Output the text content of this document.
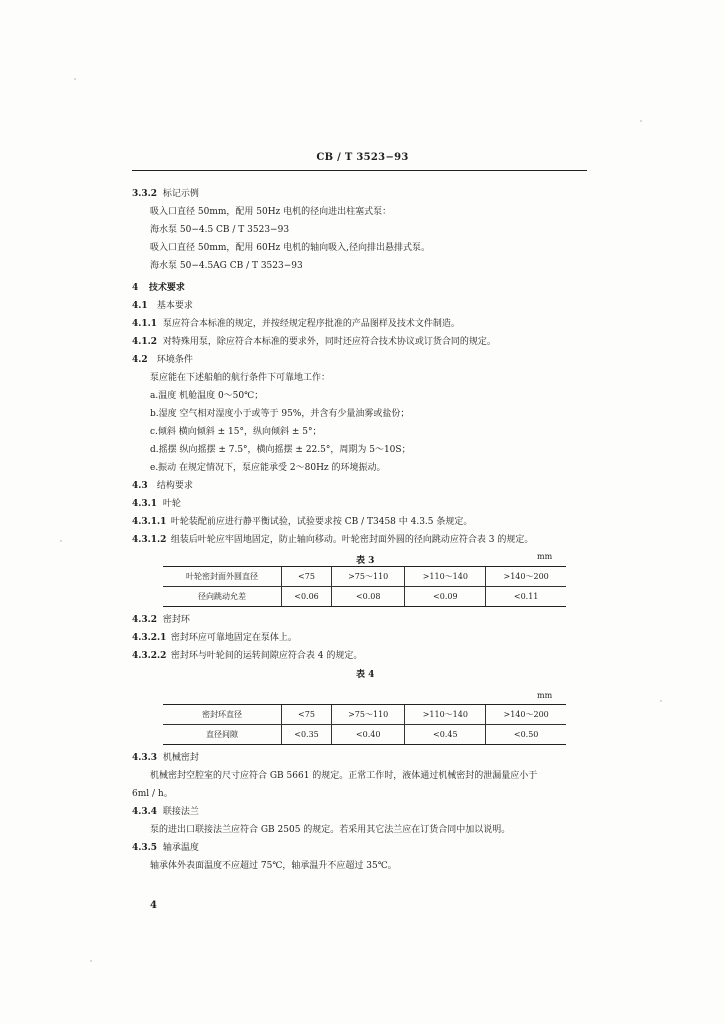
CB / T 3523−93
3.3.2 标记示例
吸入口直径 50mm，配用 50Hz 电机的径向进出柱塞式泵：
海水泵 50−4.5 CB / T 3523−93
吸入口直径 50mm，配用 60Hz 电机的轴向吸入,径向排出悬排式泵。
海水泵 50−4.5AG CB / T 3523−93
4 技术要求
4.1 基本要求
4.1.1 泵应符合本标准的规定，并按经规定程序批准的产品图样及技术文件制造。
4.1.2 对特殊用泵，除应符合本标准的要求外，同时还应符合技术协议或订货合同的规定。
4.2 环境条件
泵应能在下述船舶的航行条件下可靠地工作：
a.温度 机舱温度 0～50℃；
b.湿度 空气相对湿度小于或等于 95%，并含有少量油雾或盐份；
c.倾斜 横向倾斜 ± 15°，纵向倾斜 ± 5°；
d.摇摆 纵向摇摆 ± 7.5°，横向摇摆 ± 22.5°，周期为 5～10S；
e.振动 在规定情况下，泵应能承受 2～80Hz 的环境振动。
4.3 结构要求
4.3.1 叶轮
4.3.1.1 叶轮装配前应进行静平衡试验，试验要求按 CB / T3458 中 4.3.5 条规定。
4.3.1.2 组装后叶轮应牢固地固定，防止轴向移动。叶轮密封面外圆的径向跳动应符合表 3 的规定。
表 3	mm
叶轮密封面外圆直径	<75	>75～110	>110～140	>140～200
径向跳动允差	<0.06	<0.08	<0.09	<0.11
4.3.2 密封环
4.3.2.1 密封环应可靠地固定在泵体上。
4.3.2.2 密封环与叶轮间的运转间隙应符合表 4 的规定。
表 4
mm
密封环直径	<75	>75～110	>110～140	>140～200
直径间隙	<0.35	<0.40	<0.45	<0.50
4.3.3 机械密封
机械密封空腔室的尺寸应符合 GB 5661 的规定。正常工作时，液体通过机械密封的泄漏量应小于
6ml / h。
4.3.4 联接法兰
泵的进出口联接法兰应符合 GB 2505 的规定。若采用其它法兰应在订货合同中加以说明。
4.3.5 轴承温度
轴承体外表面温度不应超过 75℃，轴承温升不应超过 35℃。
4
